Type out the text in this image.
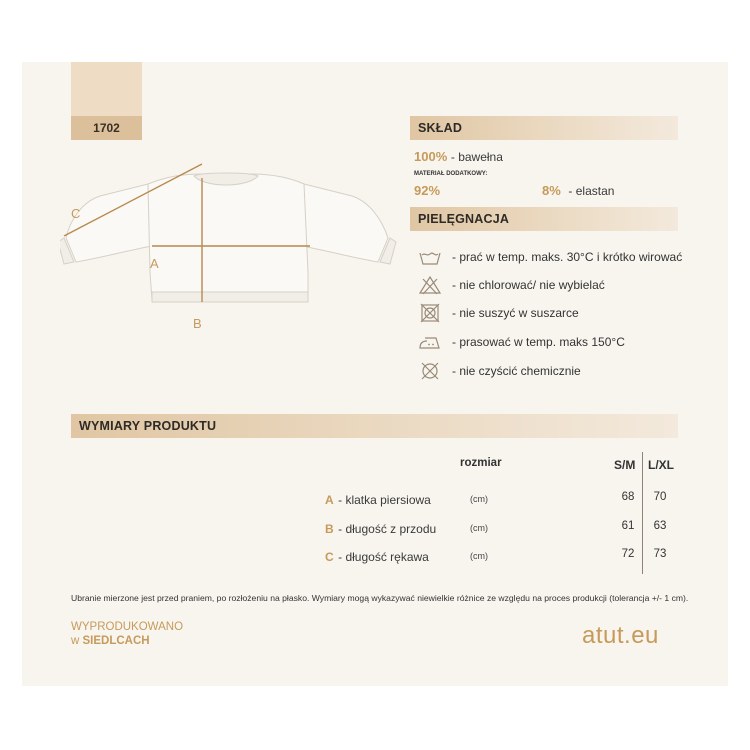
1702
C
A
B
SKŁAD
100% - bawełna
MATERIAŁ DODATKOWY:
92%	8% - elastan
PIELĘGNACJA
- prać w temp. maks. 30°C i krótko wirować
- nie chlorować/ nie wybielać
- nie suszyć w suszarce
- prasować w temp. maks 150°C
- nie czyścić chemicznie
WYMIARY PRODUKTU
rozmiar	S/M L/XL
A - klatka piersiowa	(cm)	68	70
B - długość z przodu	(cm)	61	63
C - długość rękawa	(cm)	72	73
Ubranie mierzone jest przed praniem, po rozłożeniu na płasko. Wymiary mogą wykazywać niewielkie różnice ze względu na proces produkcji (tolerancja +/- 1 cm).
WYPRODUKOWANO
w SIEDLCACH	atut.eu
